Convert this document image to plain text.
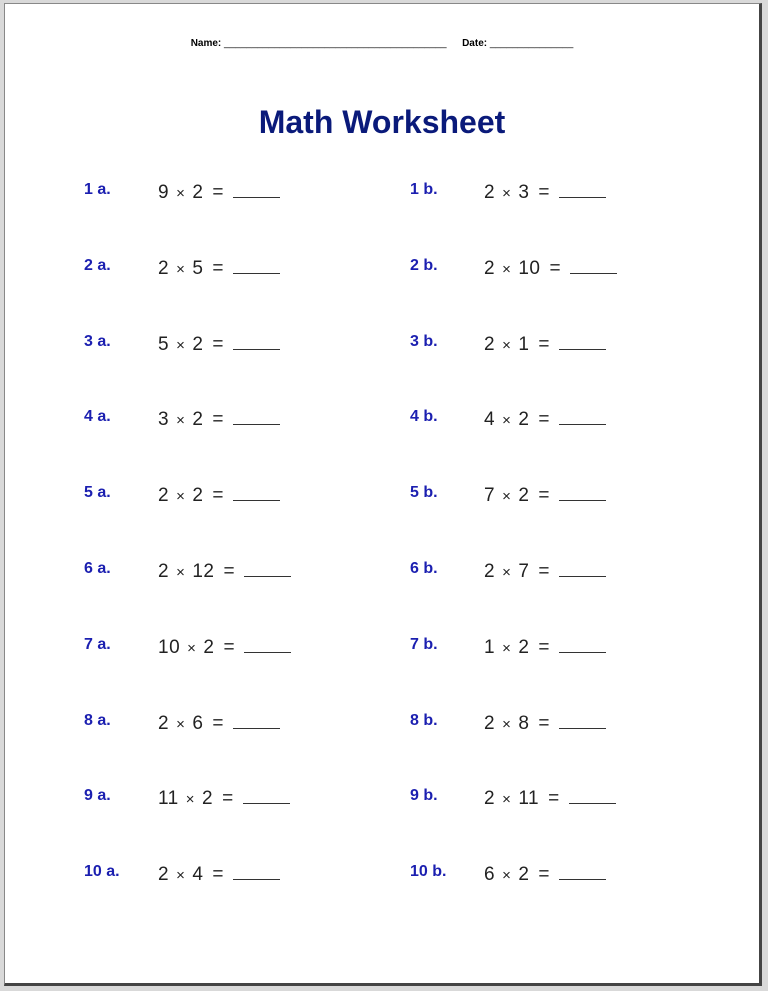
Name: ________________________________________ Date: _______________
Math Worksheet
1 a. 9 × 2 =	1 b. 2 × 3 =
2 a. 2 × 5 =	2 b. 2 × 10 =
3 a. 5 × 2 =	3 b. 2 × 1 =
4 a. 3 × 2 =	4 b. 4 × 2 =
5 a. 2 × 2 =	5 b. 7 × 2 =
6 a. 2 × 12 =	6 b. 2 × 7 =
7 a. 10 × 2 =	7 b. 1 × 2 =
8 a. 2 × 6 =	8 b. 2 × 8 =
9 a. 11 × 2 =	9 b. 2 × 11 =
10 a. 2 × 4 =	10 b. 6 × 2 =
